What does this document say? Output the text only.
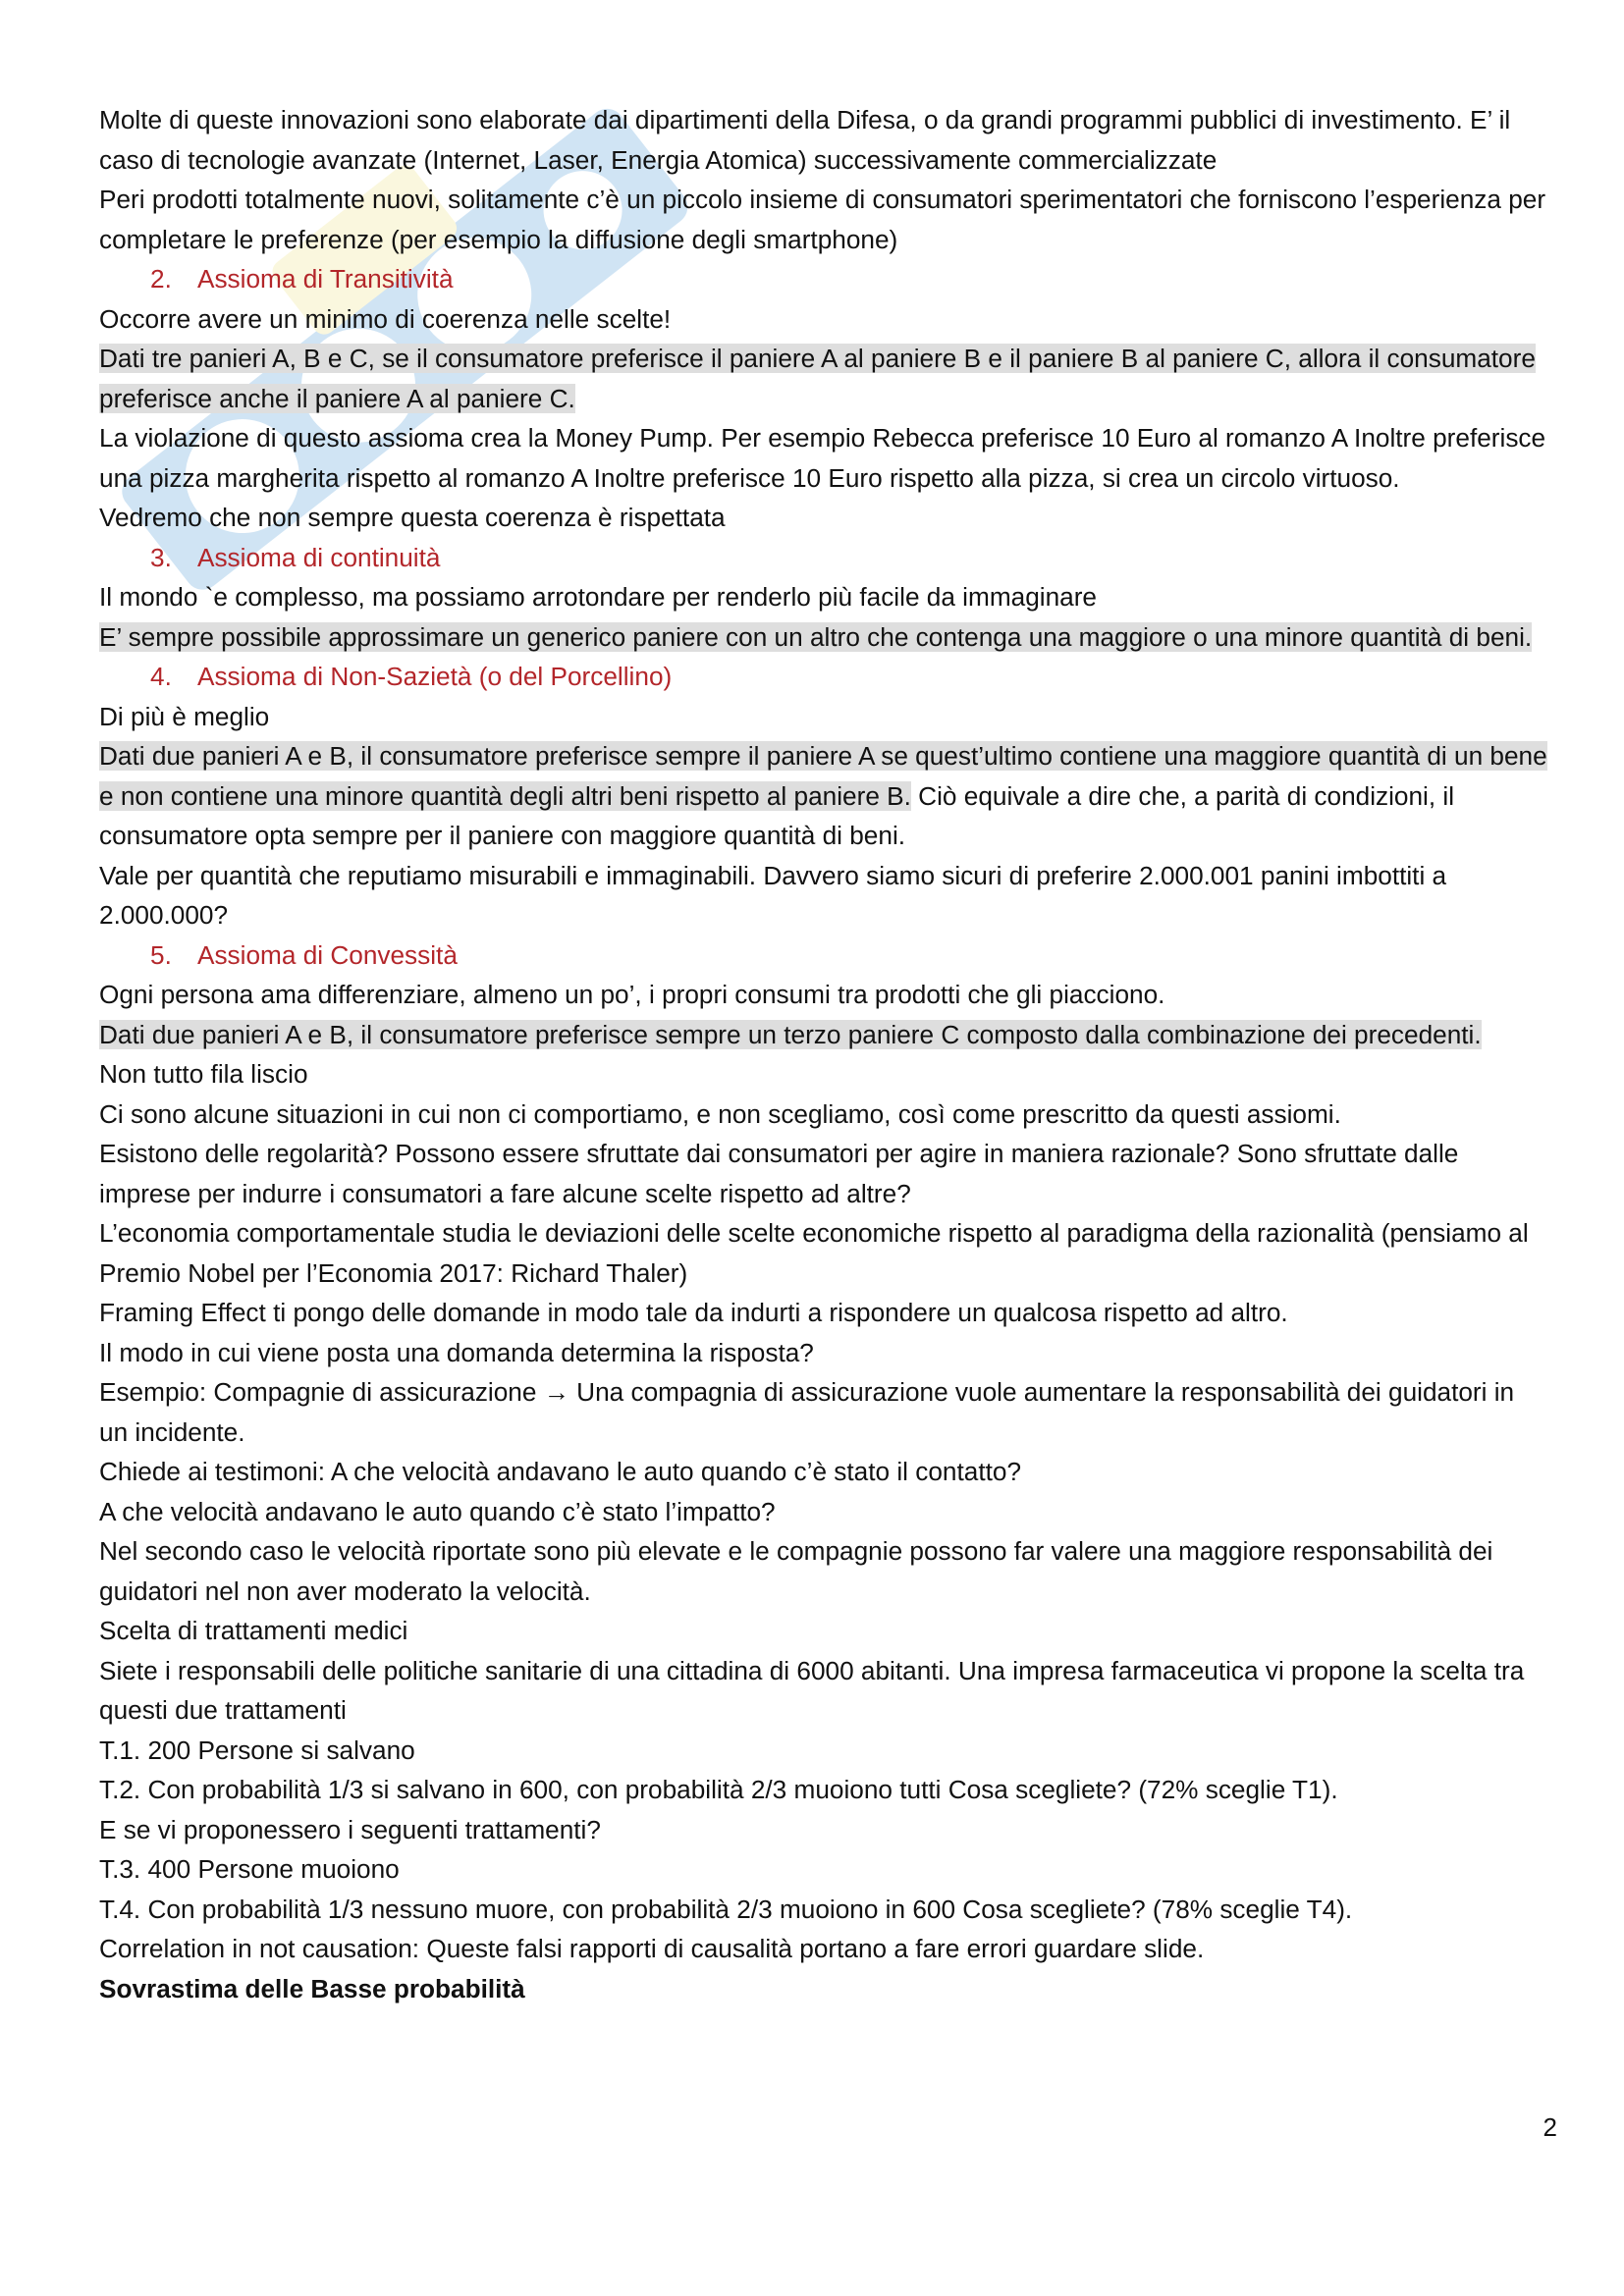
Molte di queste innovazioni sono elaborate dai dipartimenti della Difesa, o da grandi programmi pubblici di investimento. E’ il caso di tecnologie avanzate (Internet, Laser, Energia Atomica) successivamente commercializzate

Peri prodotti totalmente nuovi, solitamente c’è un piccolo insieme di consumatori sperimentatori che forniscono l’esperienza per completare le preferenze (per esempio la diffusione degli smartphone)

2. Assioma di Transitività

Occorre avere un minimo di coerenza nelle scelte!

Dati tre panieri A, B e C, se il consumatore preferisce il paniere A al paniere B e il paniere B al paniere C, allora il consumatore preferisce anche il paniere A al paniere C.

La violazione di questo assioma crea la Money Pump. Per esempio Rebecca preferisce 10 Euro al romanzo A Inoltre preferisce una pizza margherita rispetto al romanzo A Inoltre preferisce 10 Euro rispetto alla pizza, si crea un circolo virtuoso.

Vedremo che non sempre questa coerenza è rispettata

3. Assioma di continuità

Il mondo `e complesso, ma possiamo arrotondare per renderlo più facile da immaginare

E’ sempre possibile approssimare un generico paniere con un altro che contenga una maggiore o una minore quantità di beni.

4. Assioma di Non-Sazietà (o del Porcellino)

Di più è meglio

Dati due panieri A e B, il consumatore preferisce sempre il paniere A se quest’ultimo contiene una maggiore quantità di un bene e non contiene una minore quantità degli altri beni rispetto al paniere B. Ciò equivale a dire che, a parità di condizioni, il consumatore opta sempre per il paniere con maggiore quantità di beni.

Vale per quantità che reputiamo misurabili e immaginabili. Davvero siamo sicuri di preferire 2.000.001 panini imbottiti a 2.000.000?

5. Assioma di Convessità

Ogni persona ama differenziare, almeno un po’, i propri consumi tra prodotti che gli piacciono.

Dati due panieri A e B, il consumatore preferisce sempre un terzo paniere C composto dalla combinazione dei precedenti.

Non tutto fila liscio

Ci sono alcune situazioni in cui non ci comportiamo, e non scegliamo, così come prescritto da questi assiomi.

Esistono delle regolarità? Possono essere sfruttate dai consumatori per agire in maniera razionale? Sono sfruttate dalle imprese per indurre i consumatori a fare alcune scelte rispetto ad altre?

L’economia comportamentale studia le deviazioni delle scelte economiche rispetto al paradigma della razionalità (pensiamo al Premio Nobel per l’Economia 2017: Richard Thaler)

Framing Effect ti pongo delle domande in modo tale da indurti a rispondere un qualcosa rispetto ad altro.

Il modo in cui viene posta una domanda determina la risposta?

Esempio: Compagnie di assicurazione → Una compagnia di assicurazione vuole aumentare la responsabilità dei guidatori in un incidente.

Chiede ai testimoni: A che velocità andavano le auto quando c’è stato il contatto?

A che velocità andavano le auto quando c’è stato l’impatto?

Nel secondo caso le velocità riportate sono più elevate e le compagnie possono far valere una maggiore responsabilità dei guidatori nel non aver moderato la velocità.

Scelta di trattamenti medici

Siete i responsabili delle politiche sanitarie di una cittadina di 6000 abitanti. Una impresa farmaceutica vi propone la scelta tra questi due trattamenti

T.1. 200 Persone si salvano

T.2. Con probabilità 1/3 si salvano in 600, con probabilità 2/3 muoiono tutti Cosa scegliete? (72% sceglie T1).

E se vi proponessero i seguenti trattamenti?

T.3. 400 Persone muoiono

T.4. Con probabilità 1/3 nessuno muore, con probabilità 2/3 muoiono in 600 Cosa scegliete? (78% sceglie T4).

Correlation in not causation: Queste falsi rapporti di causalità portano a fare errori guardare slide.

Sovrastima delle Basse probabilità

2
